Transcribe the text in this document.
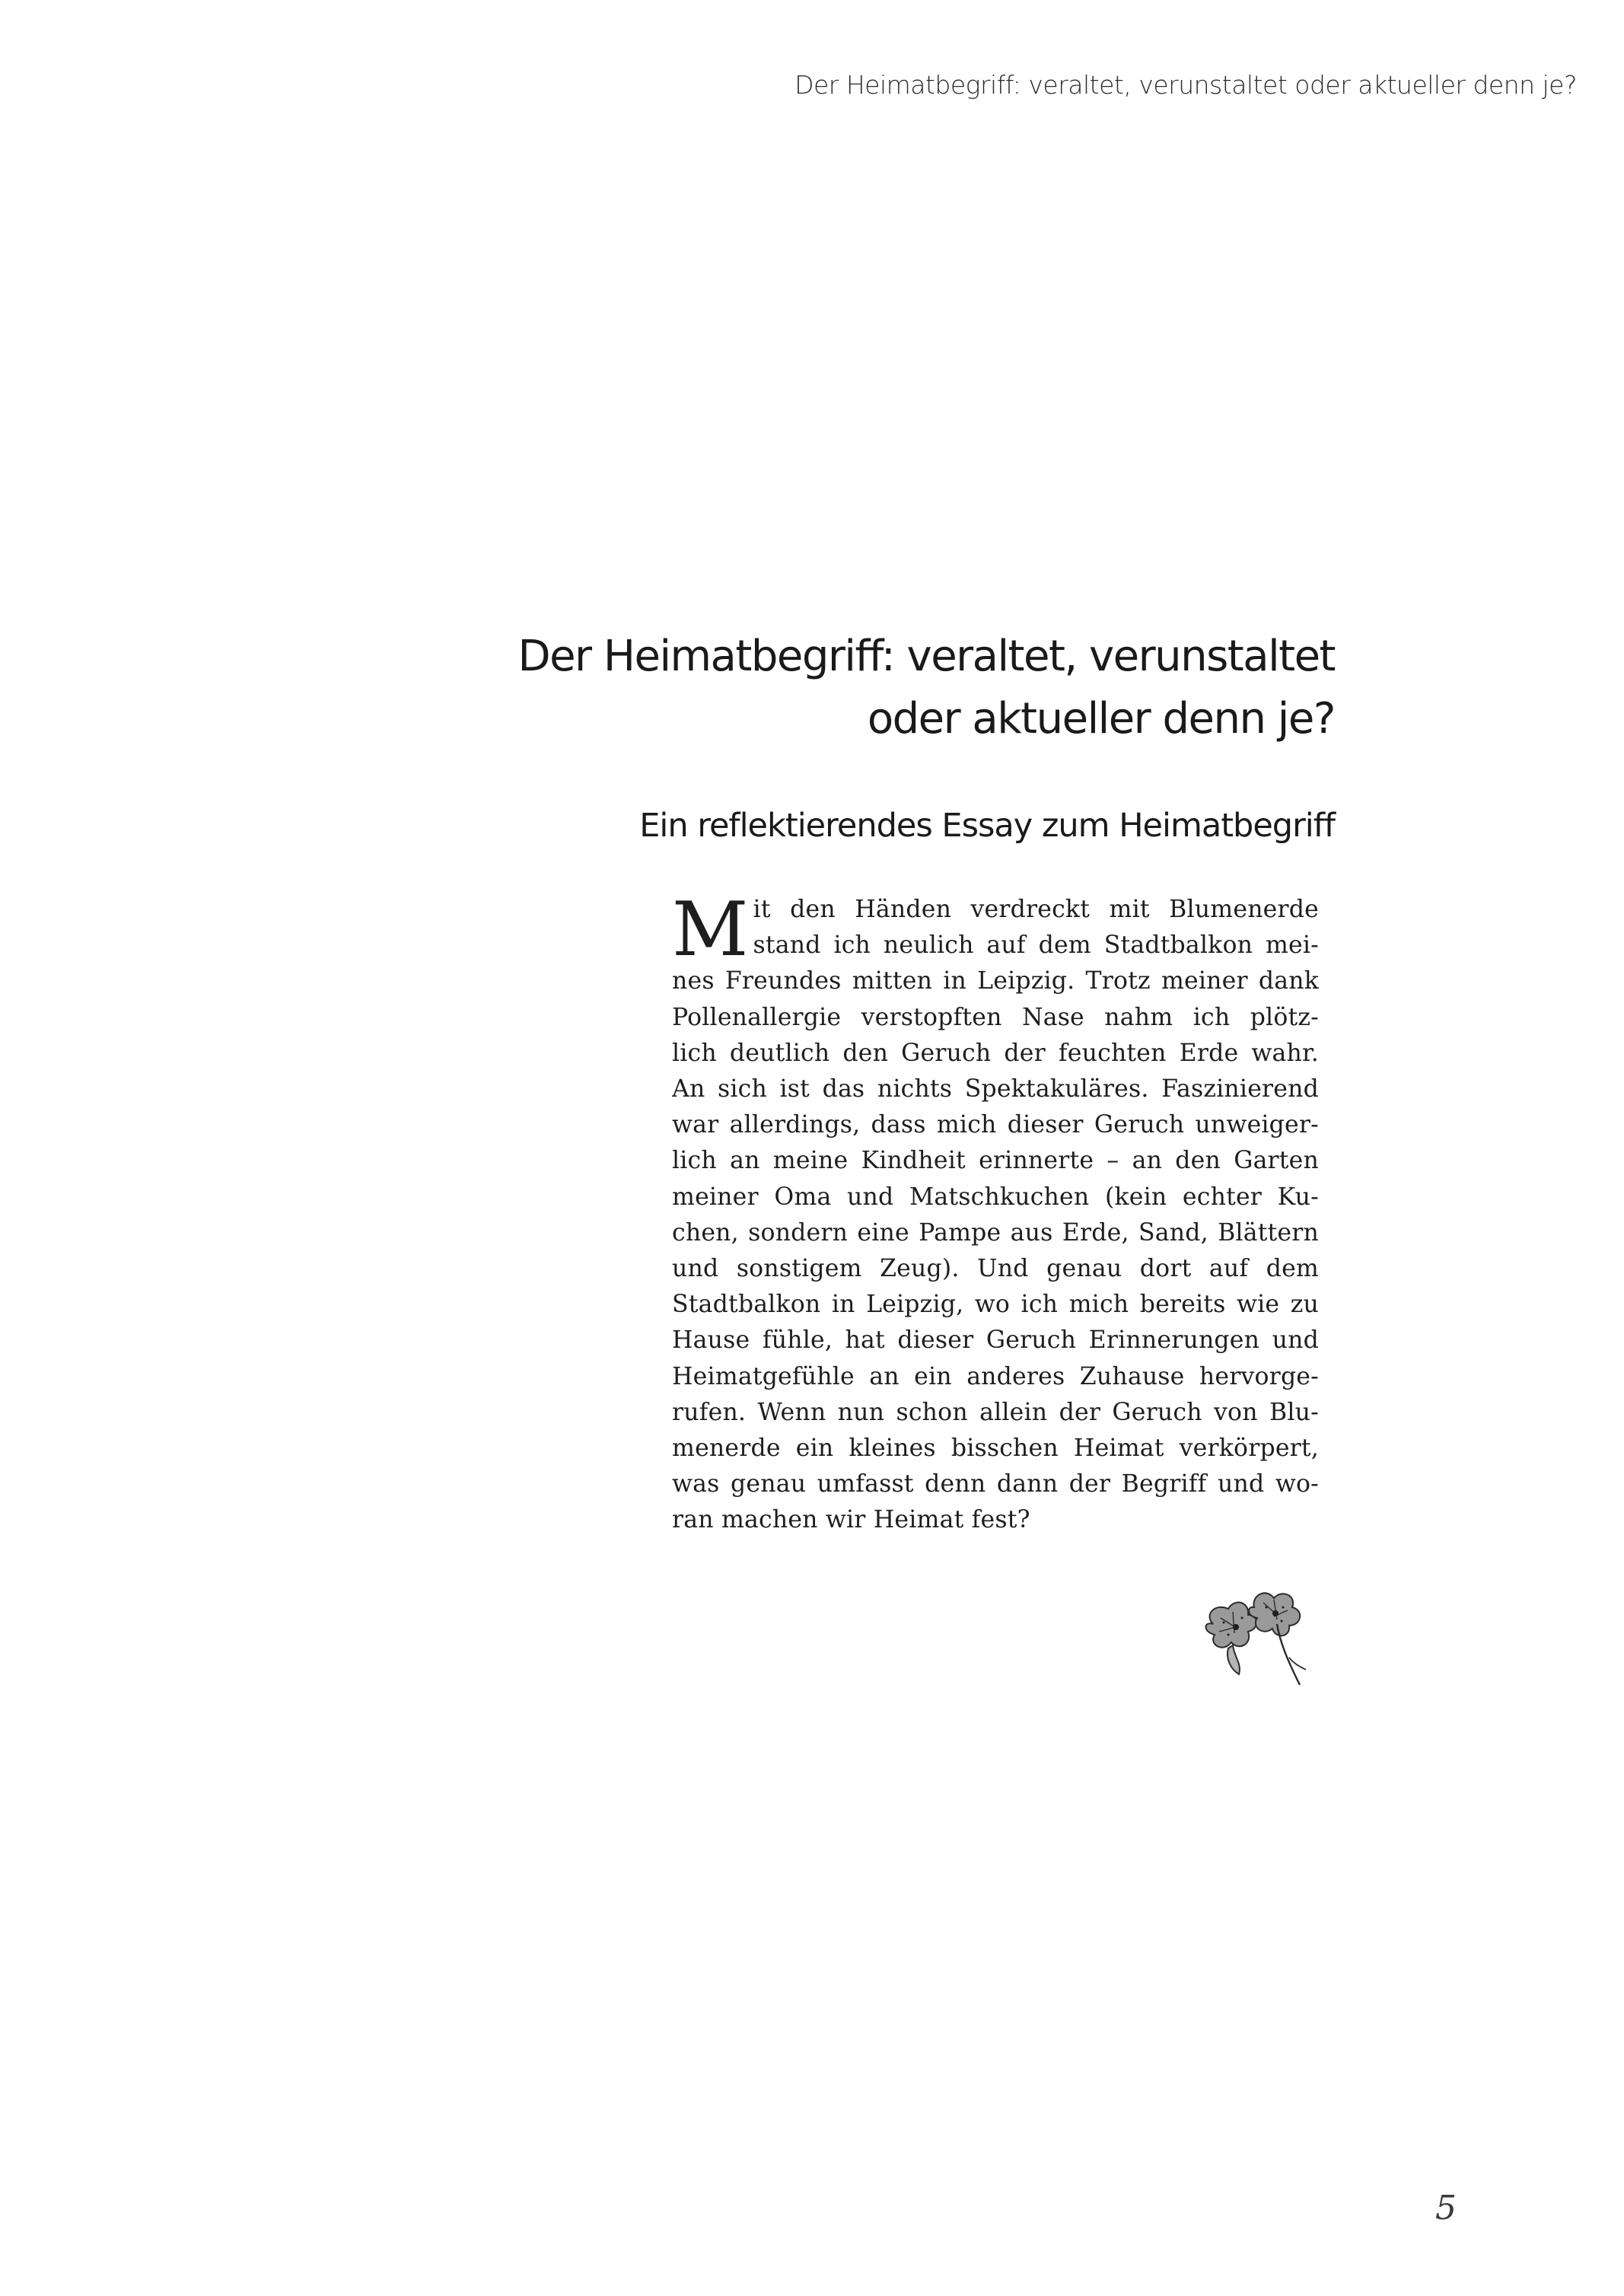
Der Heimatbegriff: veraltet, verunstaltet oder aktueller denn je?
Der Heimatbegriff: veraltet, verunstaltet
oder aktueller denn je?
Ein reflektierendes Essay zum Heimatbegriff
M it den Händen verdreckt mit Blumenerde
stand ich neulich auf dem Stadtbalkon mei-
nes Freundes mitten in Leipzig. Trotz meiner dank
Pollenallergie verstopften Nase nahm ich plötz-
lich deutlich den Geruch der feuchten Erde wahr.
An sich ist das nichts Spektakuläres. Faszinierend
war allerdings, dass mich dieser Geruch unweiger-
lich an meine Kindheit erinnerte – an den Garten
meiner Oma und Matschkuchen (kein echter Ku-
chen, sondern eine Pampe aus Erde, Sand, Blättern
und sonstigem Zeug). Und genau dort auf dem
Stadtbalkon in Leipzig, wo ich mich bereits wie zu
Hause fühle, hat dieser Geruch Erinnerungen und
Heimatgefühle an ein anderes Zuhause hervorge-
rufen. Wenn nun schon allein der Geruch von Blu-
menerde ein kleines bisschen Heimat verkörpert,
was genau umfasst denn dann der Begriff und wo-
ran machen wir Heimat fest?
5
